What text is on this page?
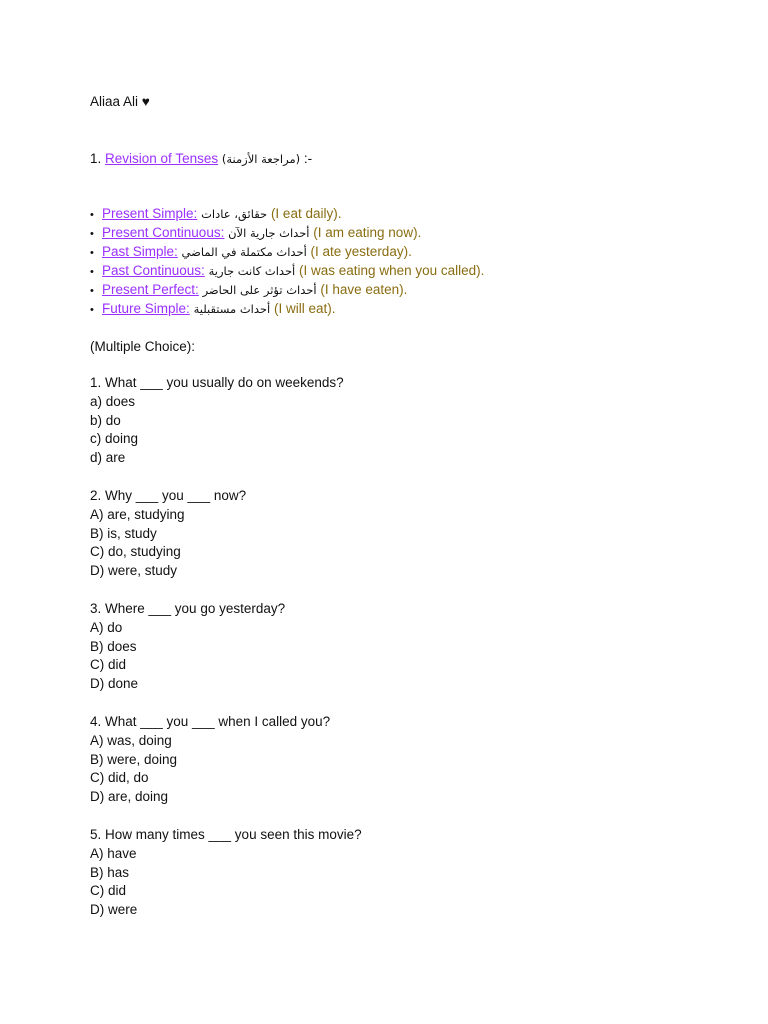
Aliaa Ali ♥
1. Revision of Tenses (مراجعة الأزمنة) :-
• Present Simple: حقائق، عادات (I eat daily).
• Present Continuous: أحداث جارية الآن (I am eating now).
• Past Simple: أحداث مكتملة في الماضي (I ate yesterday).
• Past Continuous: أحداث كانت جارية (I was eating when you called).
• Present Perfect: أحداث تؤثر على الحاضر (I have eaten).
• Future Simple: أحداث مستقبلية (I will eat).
(Multiple Choice):
1. What ___ you usually do on weekends?
a) does
b) do
c) doing
d) are
2. Why ___ you ___ now?
A) are, studying
B) is, study
C) do, studying
D) were, study
3. Where ___ you go yesterday?
A) do
B) does
C) did
D) done
4. What ___ you ___ when I called you?
A) was, doing
B) were, doing
C) did, do
D) are, doing
5. How many times ___ you seen this movie?
A) have
B) has
C) did
D) were
